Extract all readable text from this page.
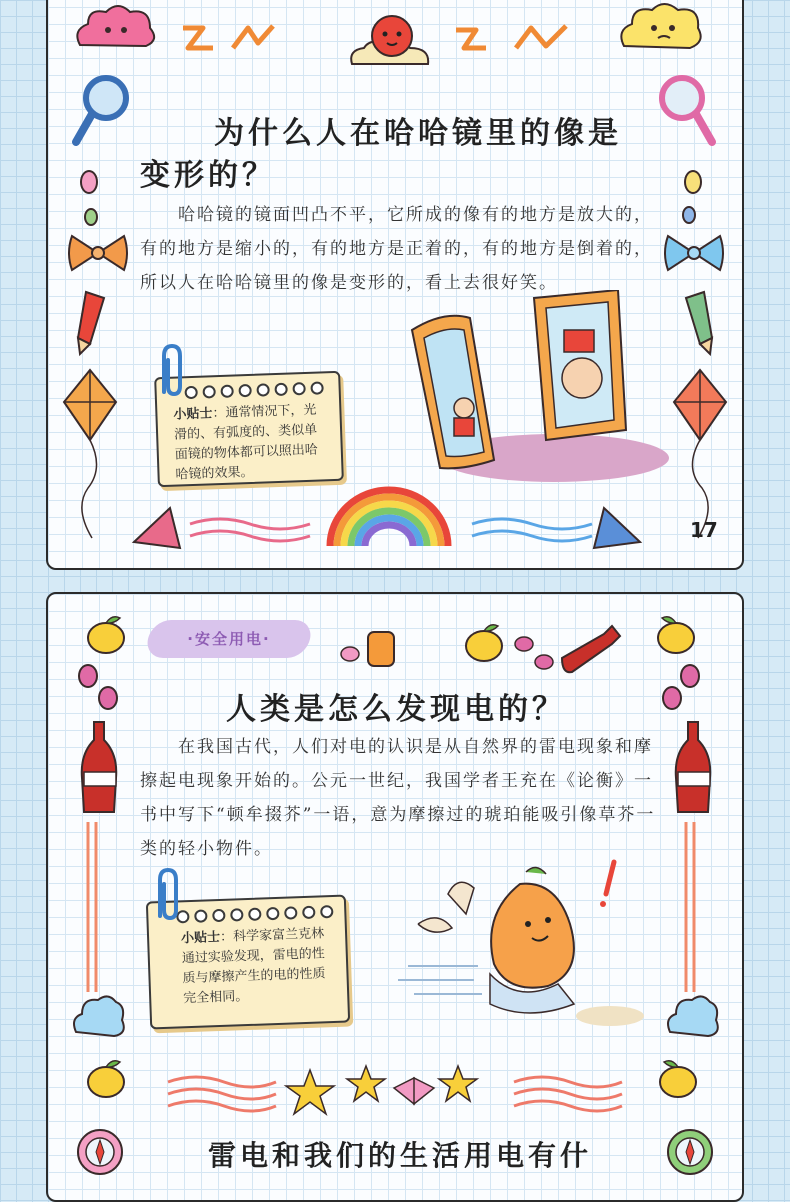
为什么人在哈哈镜里的像是
变形的？

哈哈镜的镜面凹凸不平，它所成的像有的地方是放大的，有的地方是缩小的，有的地方是正着的，有的地方是倒着的，所以人在哈哈镜里的像是变形的，看上去很好笑。

小贴士：通常情况下，光滑的、有弧度的、类似单面镜的物体都可以照出哈哈镜的效果。

17
·安全用电·
人类是怎么发现电的？

在我国古代，人们对电的认识是从自然界的雷电现象和摩擦起电现象开始的。公元一世纪，我国学者王充在《论衡》一书中写下“顿牟掇芥”一语，意为摩擦过的琥珀能吸引像草芥一类的轻小物件。

小贴士：科学家富兰克林通过实验发现，雷电的性质与摩擦产生的电的性质完全相同。

雷电和我们的生活用电有什
